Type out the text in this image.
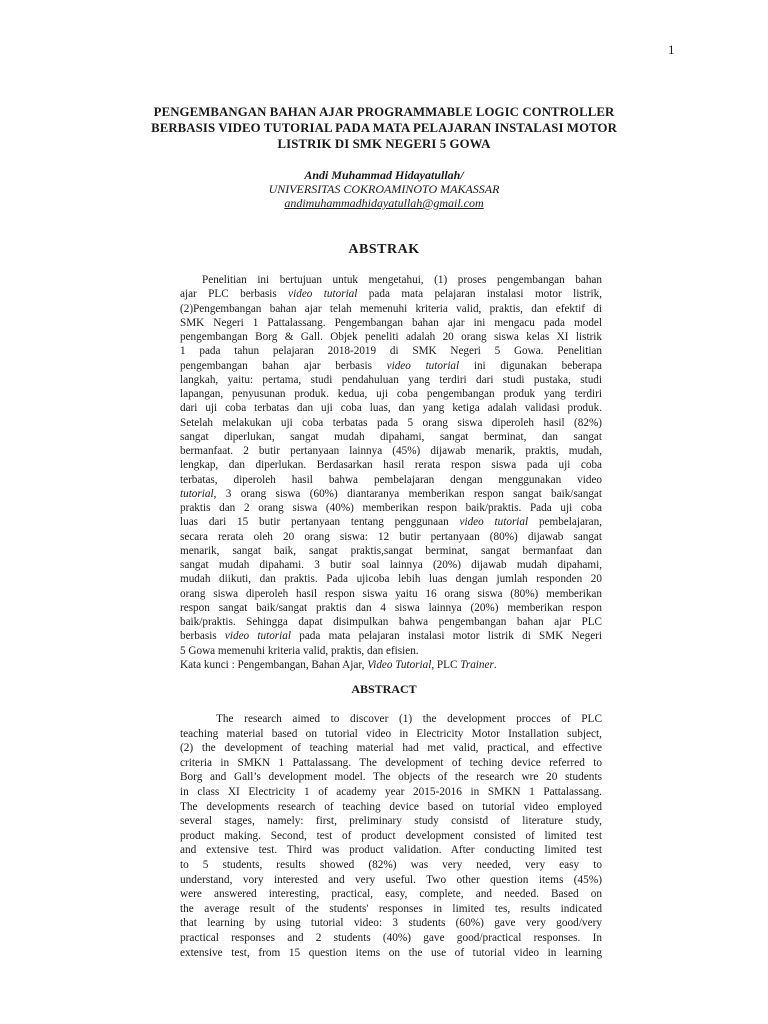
1
PENGEMBANGAN BAHAN AJAR PROGRAMMABLE LOGIC CONTROLLER
BERBASIS VIDEO TUTORIAL PADA MATA PELAJARAN INSTALASI MOTOR
LISTRIK DI SMK NEGERI 5 GOWA
Andi Muhammad Hidayatullah/
UNIVERSITAS COKROAMINOTO MAKASSAR
andimuhammadhidayatullah@gmail.com
ABSTRAK
Penelitian ini bertujuan untuk mengetahui, (1) proses pengembangan bahan
ajar PLC berbasis video tutorial pada mata pelajaran instalasi motor listrik,
(2)Pengembangan bahan ajar telah memenuhi kriteria valid, praktis, dan efektif di
SMK Negeri 1 Pattalassang. Pengembangan bahan ajar ini mengacu pada model
pengembangan Borg & Gall. Objek peneliti adalah 20 orang siswa kelas XI listrik
1 pada tahun pelajaran 2018-2019 di SMK Negeri 5 Gowa. Penelitian
pengembangan bahan ajar berbasis video tutorial ini digunakan beberapa
langkah, yaitu: pertama, studi pendahuluan yang terdiri dari studi pustaka, studi
lapangan, penyusunan produk. kedua, uji coba pengembangan produk yang terdiri
dari uji coba terbatas dan uji coba luas, dan yang ketiga adalah validasi produk.
Setelah melakukan uji coba terbatas pada 5 orang siswa diperoleh hasil (82%)
sangat diperlukan, sangat mudah dipahami, sangat berminat, dan sangat
bermanfaat. 2 butir pertanyaan lainnya (45%) dijawab menarik, praktis, mudah,
lengkap, dan diperlukan. Berdasarkan hasil rerata respon siswa pada uji coba
terbatas, diperoleh hasil bahwa pembelajaran dengan menggunakan video
tutorial, 3 orang siswa (60%) diantaranya memberikan respon sangat baik/sangat
praktis dan 2 orang siswa (40%) memberikan respon baik/praktis. Pada uji coba
luas dari 15 butir pertanyaan tentang penggunaan video tutorial pembelajaran,
secara rerata oleh 20 orang siswa: 12 butir pertanyaan (80%) dijawab sangat
menarik, sangat baik, sangat praktis,sangat berminat, sangat bermanfaat dan
sangat mudah dipahami. 3 butir soal lainnya (20%) dijawab mudah dipahami,
mudah diikuti, dan praktis. Pada ujicoba lebih luas dengan jumlah responden 20
orang siswa diperoleh hasil respon siswa yaitu 16 orang siswa (80%) memberikan
respon sangat baik/sangat praktis dan 4 siswa lainnya (20%) memberikan respon
baik/praktis. Sehingga dapat disimpulkan bahwa pengembangan bahan ajar PLC
berbasis video tutorial pada mata pelajaran instalasi motor listrik di SMK Negeri
5 Gowa memenuhi kriteria valid, praktis, dan efisien.
Kata kunci : Pengembangan, Bahan Ajar, Video Tutorial, PLC Trainer.
ABSTRACT
The research aimed to discover (1) the development procces of PLC
teaching material based on tutorial video in Electricity Motor Installation subject,
(2) the development of teaching material had met valid, practical, and effective
criteria in SMKN 1 Pattalassang. The development of teching device referred to
Borg and Gall’s development model. The objects of the research wre 20 students
in class XI Electricity 1 of academy year 2015-2016 in SMKN 1 Pattalassang.
The developments research of teaching device based on tutorial video employed
several stages, namely: first, preliminary study consistd of literature study,
product making. Second, test of product development consisted of limited test
and extensive test. Third was product validation. After conducting limited test
to 5 students, results showed (82%) was very needed, very easy to
understand, vory interested and very useful. Two other question items (45%)
were answered interesting, practical, easy, complete, and needed. Based on
the average result of the students' responses in limited tes, results indicated
that learning by using tutorial video: 3 students (60%) gave very good/very
practical responses and 2 students (40%) gave good/practical responses. In
extensive test, from 15 question items on the use of tutorial video in learning
